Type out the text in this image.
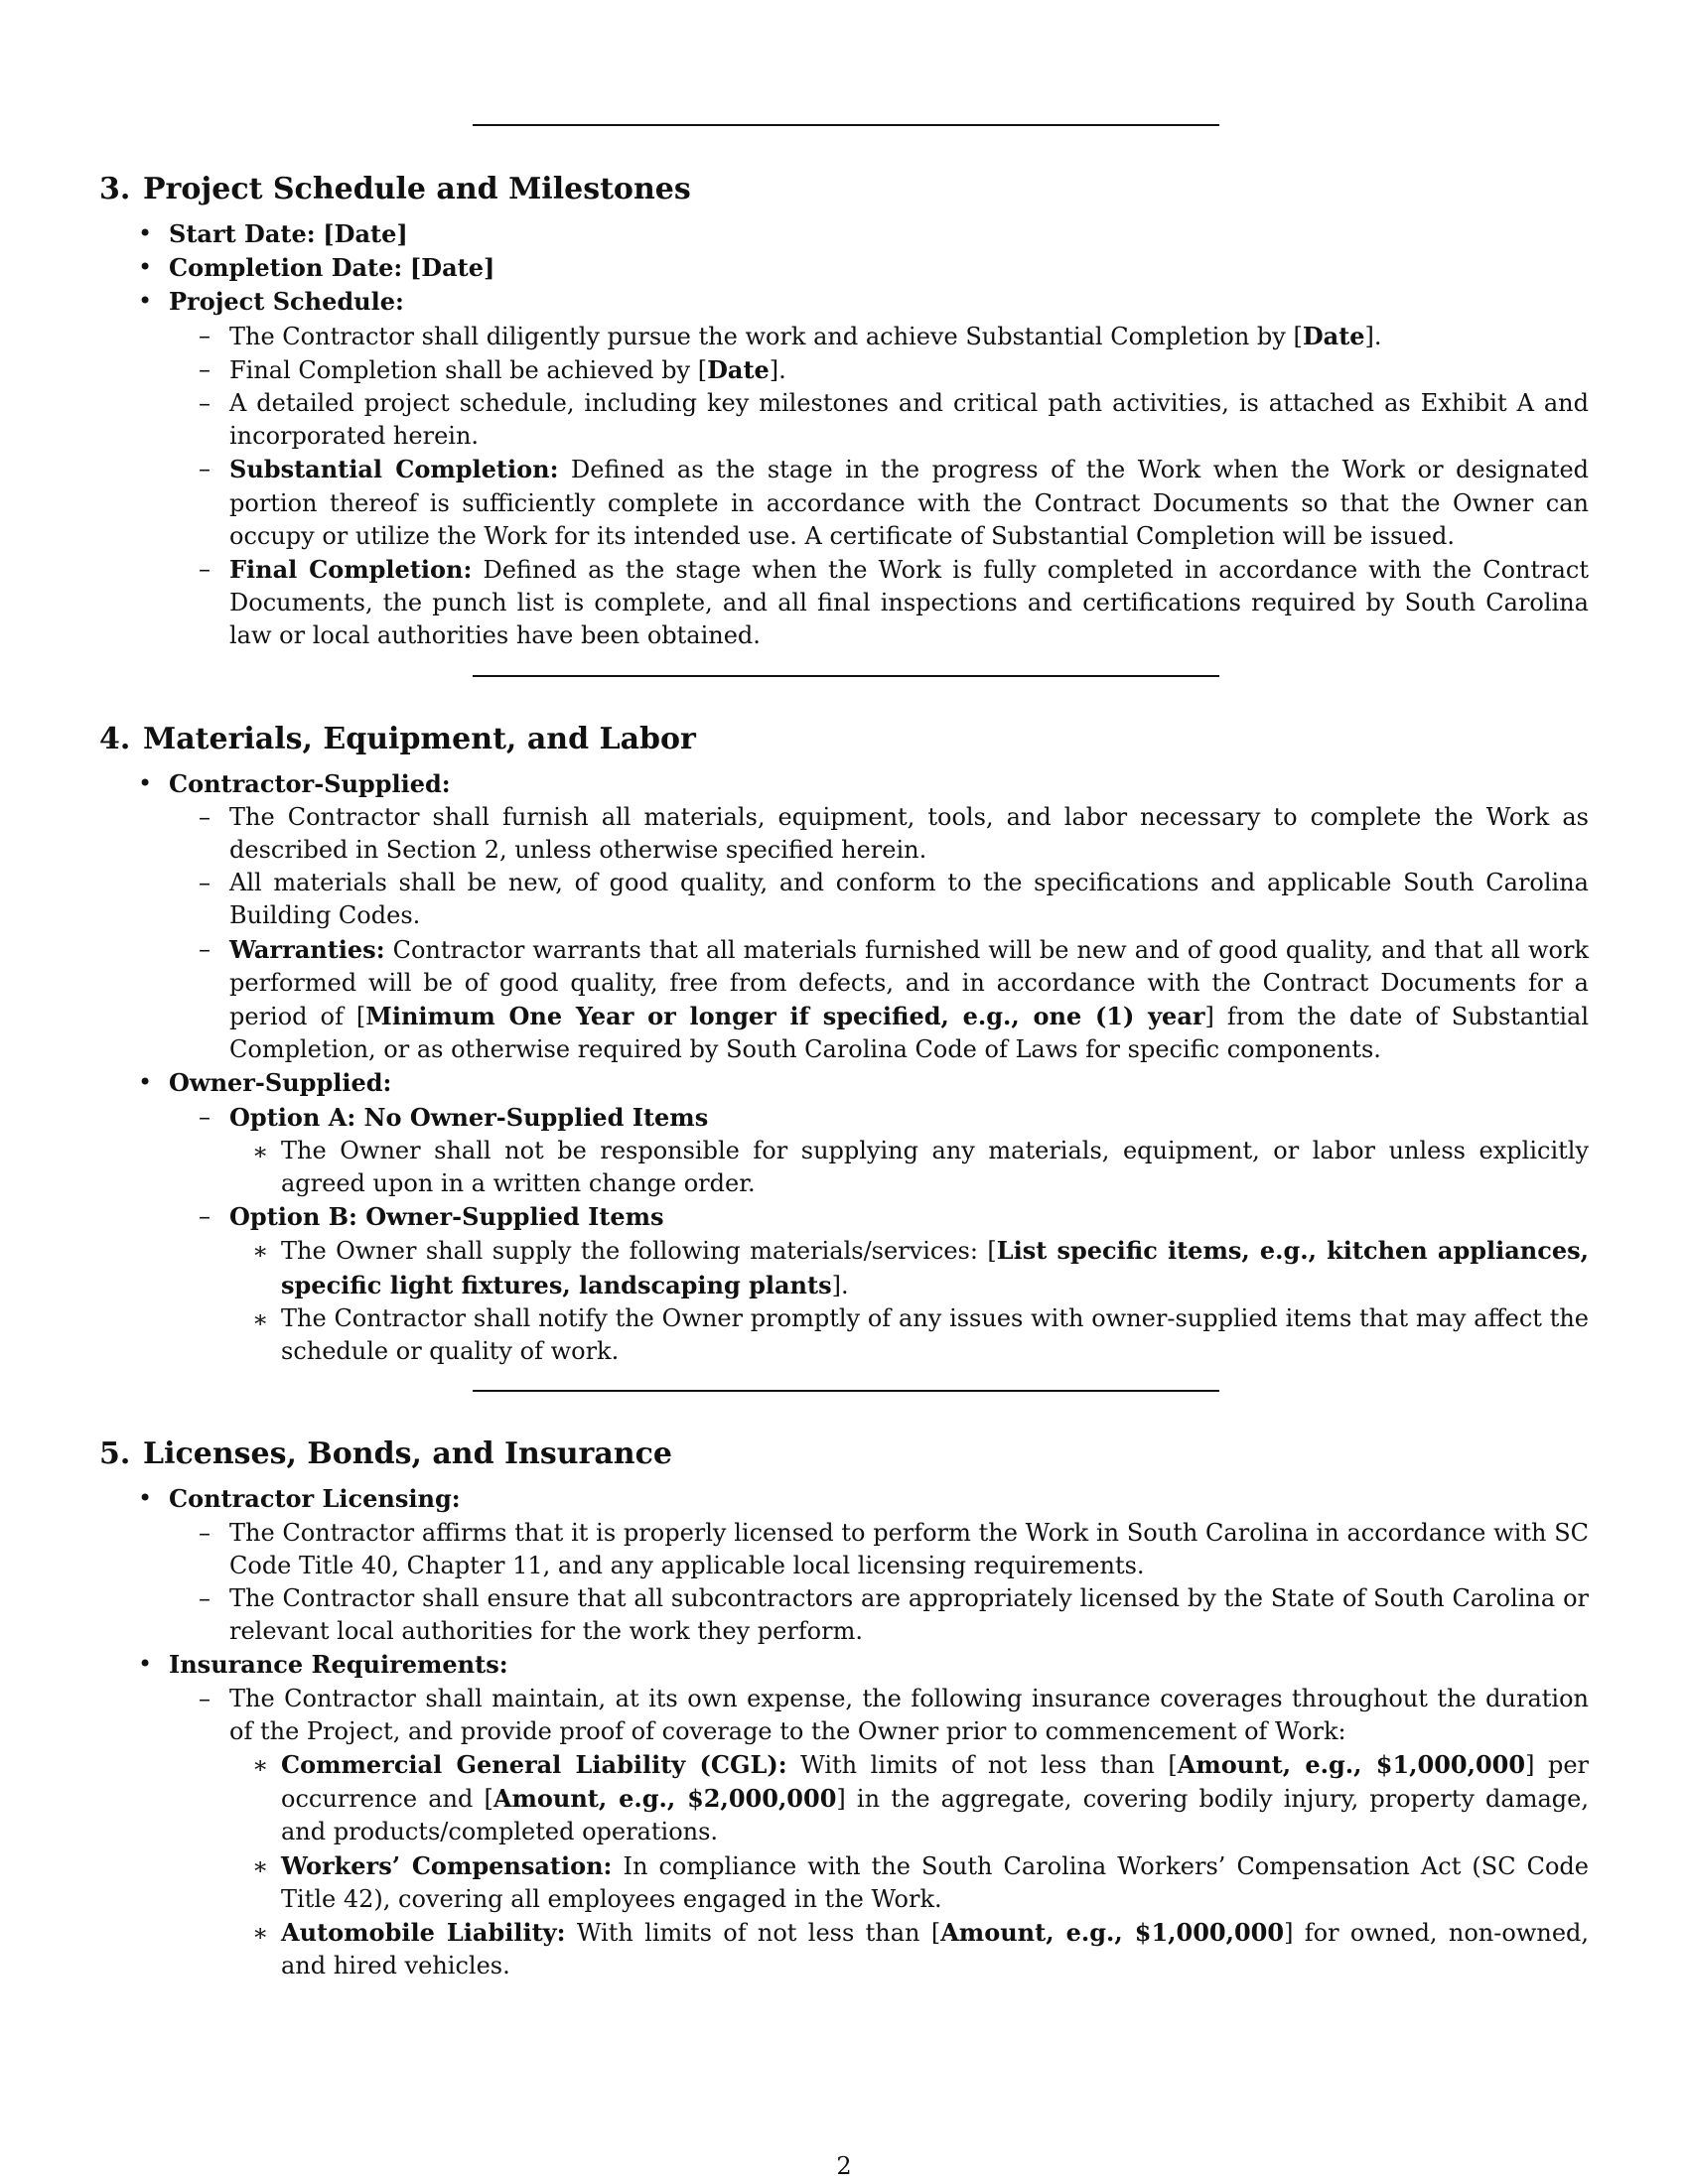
3. Project Schedule and Milestones
• Start Date: [Date]
• Completion Date: [Date]
• Project Schedule:
– The Contractor shall diligently pursue the work and achieve Substantial Completion by [Date].
– Final Completion shall be achieved by [Date].
– A detailed project schedule, including key milestones and critical path activities, is attached as Exhibit A and incorporated herein.
– Substantial Completion: Defined as the stage in the progress of the Work when the Work or designated portion thereof is sufficiently complete in accordance with the Contract Documents so that the Owner can occupy or utilize the Work for its intended use. A certificate of Substantial Completion will be issued.
– Final Completion: Defined as the stage when the Work is fully completed in accordance with the Contract Documents, the punch list is complete, and all final inspections and certifications required by South Carolina law or local authorities have been obtained.
4. Materials, Equipment, and Labor
• Contractor-Supplied:
– The Contractor shall furnish all materials, equipment, tools, and labor necessary to complete the Work as described in Section 2, unless otherwise specified herein.
– All materials shall be new, of good quality, and conform to the specifications and applicable South Carolina Building Codes.
– Warranties: Contractor warrants that all materials furnished will be new and of good quality, and that all work performed will be of good quality, free from defects, and in accordance with the Contract Documents for a period of [Minimum One Year or longer if specified, e.g., one (1) year] from the date of Substantial Completion, or as otherwise required by South Carolina Code of Laws for specific components.
• Owner-Supplied:
– Option A: No Owner-Supplied Items
∗ The Owner shall not be responsible for supplying any materials, equipment, or labor unless explicitly agreed upon in a written change order.
– Option B: Owner-Supplied Items
∗ The Owner shall supply the following materials/services: [List specific items, e.g., kitchen appliances, specific light fixtures, landscaping plants].
∗ The Contractor shall notify the Owner promptly of any issues with owner-supplied items that may affect the schedule or quality of work.
5. Licenses, Bonds, and Insurance
• Contractor Licensing:
– The Contractor affirms that it is properly licensed to perform the Work in South Carolina in accordance with SC Code Title 40, Chapter 11, and any applicable local licensing requirements.
– The Contractor shall ensure that all subcontractors are appropriately licensed by the State of South Carolina or relevant local authorities for the work they perform.
• Insurance Requirements:
– The Contractor shall maintain, at its own expense, the following insurance coverages throughout the duration of the Project, and provide proof of coverage to the Owner prior to commencement of Work:
∗ Commercial General Liability (CGL): With limits of not less than [Amount, e.g., $1,000,000] per occurrence and [Amount, e.g., $2,000,000] in the aggregate, covering bodily injury, property damage, and products/completed operations.
∗ Workers’ Compensation: In compliance with the South Carolina Workers’ Compensation Act (SC Code Title 42), covering all employees engaged in the Work.
∗ Automobile Liability: With limits of not less than [Amount, e.g., $1,000,000] for owned, non-owned, and hired vehicles.
2
